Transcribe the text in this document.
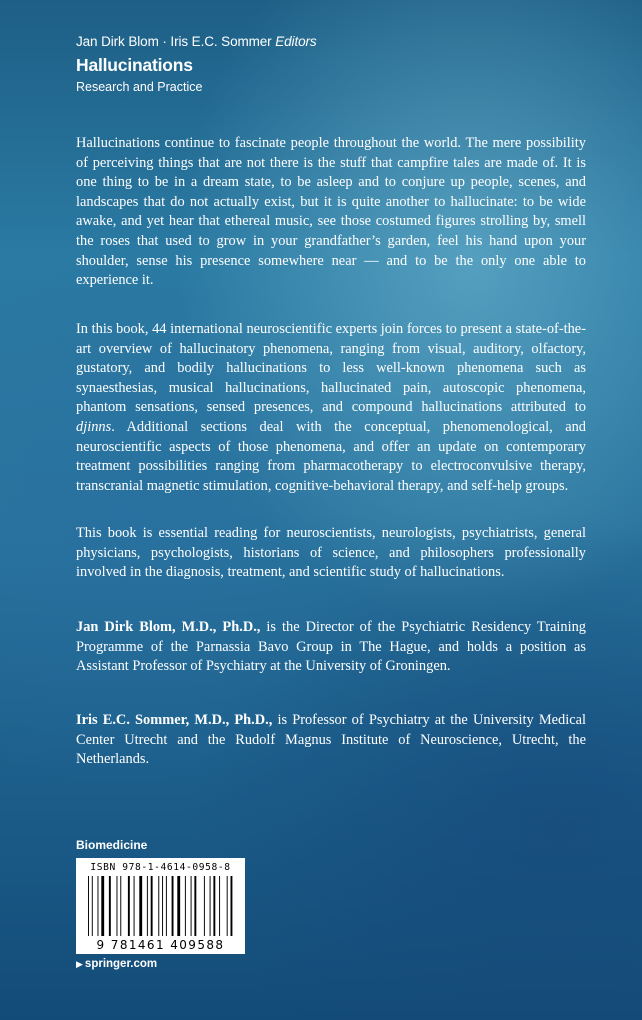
Jan Dirk Blom · Iris E.C. Sommer Editors
Hallucinations
Research and Practice

Hallucinations continue to fascinate people throughout the world. The mere possibility of perceiving things that are not there is the stuff that campfire tales are made of. It is one thing to be in a dream state, to be asleep and to conjure up people, scenes, and landscapes that do not actually exist, but it is quite another to hallucinate: to be wide awake, and yet hear that ethereal music, see those costumed figures strolling by, smell the roses that used to grow in your grandfather’s garden, feel his hand upon your shoulder, sense his presence somewhere near — and to be the only one able to experience it.

In this book, 44 international neuroscientific experts join forces to present a state-of-the-art overview of hallucinatory phenomena, ranging from visual, auditory, olfactory, gustatory, and bodily hallucinations to less well-known phenomena such as synaesthesias, musical hallucinations, hallucinated pain, autoscopic phenomena, phantom sensations, sensed presences, and compound hallucinations attributed to djinns. Additional sections deal with the conceptual, phenomenological, and neuroscientific aspects of those phenomena, and offer an update on contemporary treatment possibilities ranging from pharmacotherapy to electroconvulsive therapy, transcranial magnetic stimulation, cognitive-behavioral therapy, and self-help groups.

This book is essential reading for neuroscientists, neurologists, psychiatrists, general physicians, psychologists, historians of science, and philosophers professionally involved in the diagnosis, treatment, and scientific study of hallucinations.

Jan Dirk Blom, M.D., Ph.D., is the Director of the Psychiatric Residency Training Programme of the Parnassia Bavo Group in The Hague, and holds a position as Assistant Professor of Psychiatry at the University of Groningen.

Iris E.C. Sommer, M.D., Ph.D., is Professor of Psychiatry at the University Medical Center Utrecht and the Rudolf Magnus Institute of Neuroscience, Utrecht, the Netherlands.

Biomedicine
ISBN 978-1-4614-0958-8
9 781461 409588
▶ springer.com
